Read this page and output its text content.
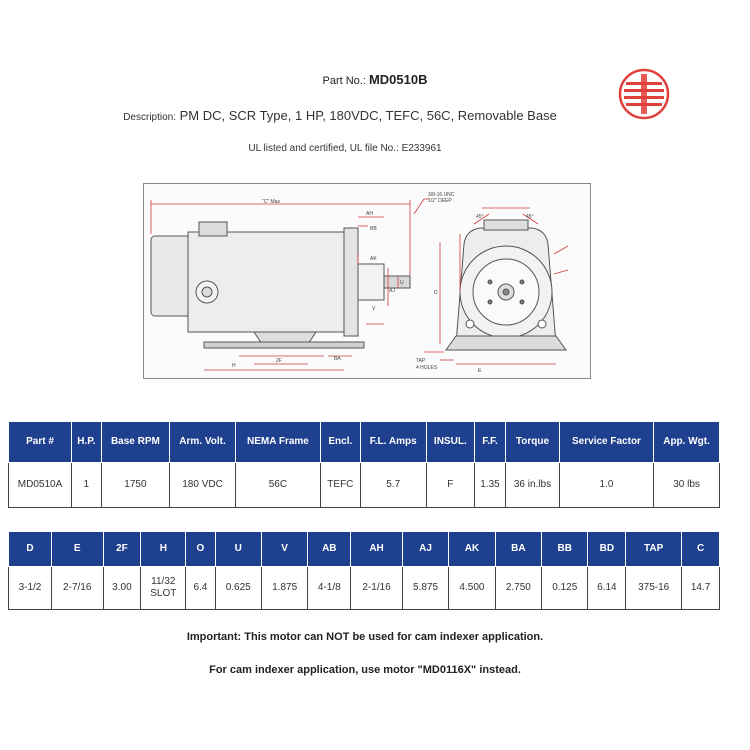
Part No.: MD0510B
Description: PM DC, SCR Type, 1 HP, 180VDC, TEFC, 56C, Removable Base
UL listed and certified, UL file No.: E233961
"C" Max
AH
BB
3/8-16 UNC
1/2" DEEP
AK
U
V
AJ
H
E
D
TAP
4 HOLES
2F	BA
45°	45°
Part #	H.P.	Base RPM	Arm. Volt.	NEMA Frame	Encl.	F.L. Amps	INSUL.	F.F.	Torque	Service Factor	App. Wgt.
MD0510A	1	1750	180 VDC	56C	TEFC	5.7	F	1.35	36 in.lbs	1.0	30 lbs
D	E	2F	H	O	U	V	AB	AH	AJ	AK	BA	BB	BD	TAP	C
3-1/2	2-7/16	3.00	11/32 SLOT	6.4	0.625	1.875	4-1/8	2-1/16	5.875	4.500	2.750	0.125	6.14	375-16	14.7
Important: This motor can NOT be used for cam indexer application.
For cam indexer application, use motor "MD0116X" instead.
